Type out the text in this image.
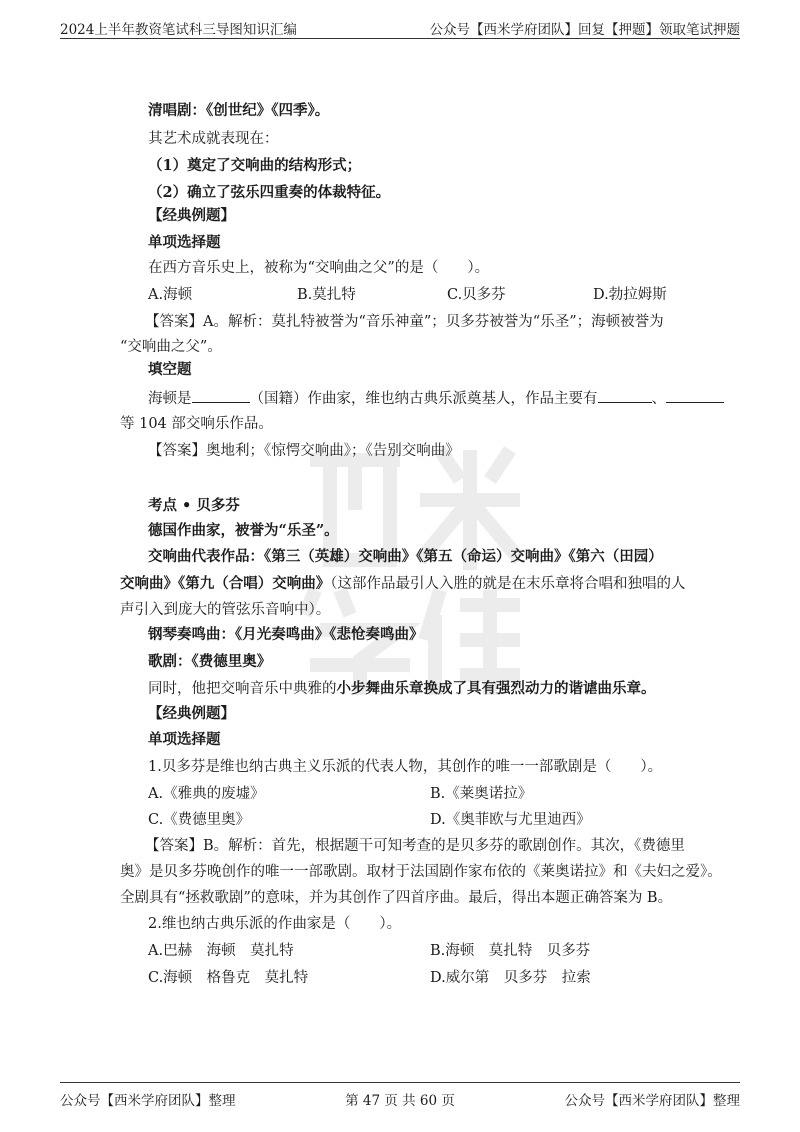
2024上半年教资笔试科三导图知识汇编	公众号【西米学府团队】回复【押题】领取笔试押题
清唱剧：《创世纪》《四季》。
其艺术成就表现在：
（1）奠定了交响曲的结构形式；
（2）确立了弦乐四重奏的体裁特征。
【经典例题】
单项选择题
在西方音乐史上，被称为“交响曲之父”的是（　　）。
A.海顿	B.莫扎特	C.贝多芬	D.勃拉姆斯
【答案】A。解析：莫扎特被誉为“音乐神童”；贝多芬被誉为“乐圣”；海顿被誉为
“交响曲之父”。
填空题
海顿是	（国籍）作曲家，维也纳古典乐派奠基人，作品主要有	、
等 104 部交响乐作品。
【答案】奥地利；《惊愕交响曲》；《告别交响曲》
考点 • 贝多芬
德国作曲家，被誉为“乐圣”。
交响曲代表作品：《第三（英雄）交响曲》《第五（命运）交响曲》《第六（田园）
交响曲》《第九（合唱）交响曲》（这部作品最引人入胜的就是在末乐章将合唱和独唱的人
声引入到庞大的管弦乐音响中）。
钢琴奏鸣曲：《月光奏鸣曲》《悲怆奏鸣曲》
歌剧：《费德里奥》
同时，他把交响音乐中典雅的小步舞曲乐章换成了具有强烈动力的谐谑曲乐章。
【经典例题】
单项选择题
1.贝多芬是维也纳古典主义乐派的代表人物，其创作的唯一一部歌剧是（　　）。
A.《雅典的废墟》	B.《莱奥诺拉》
C.《费德里奥》	D.《奥菲欧与尤里迪西》
【答案】B。解析：首先，根据题干可知考查的是贝多芬的歌剧创作。其次，《费德里
奥》是贝多芬晚创作的唯一一部歌剧。取材于法国剧作家布依的《莱奥诺拉》和《夫妇之爱》。
全剧具有“拯救歌剧”的意味，并为其创作了四首序曲。最后，得出本题正确答案为 B。
2.维也纳古典乐派的作曲家是（　　）。
A.巴赫　海顿　莫扎特	B.海顿　莫扎特　贝多芬
C.海顿　格鲁克　莫扎特	D.威尔第　贝多芬　拉索
公众号【西米学府团队】整理	第 47 页 共 60 页	公众号【西米学府团队】整理
